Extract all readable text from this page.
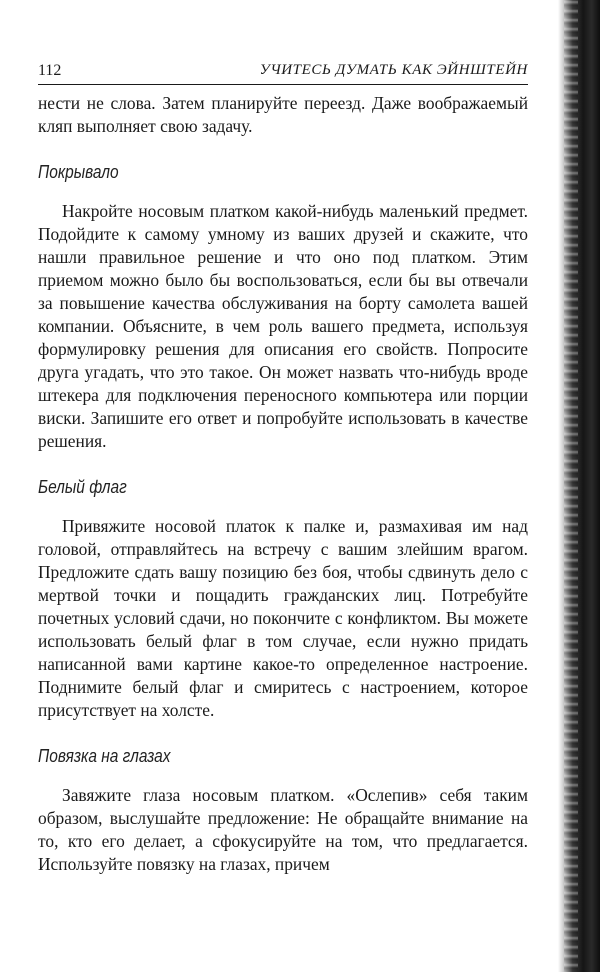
112	УЧИТЕСЬ ДУМАТЬ КАК ЭЙНШТЕЙН

нести не слова. Затем планируйте переезд. Даже воображаемый кляп выполняет свою задачу.

Покрывало

Накройте носовым платком какой-нибудь маленький предмет. Подойдите к самому умному из ваших друзей и скажите, что нашли правильное решение и что оно под платком. Этим приемом можно было бы воспользоваться, если бы вы отвечали за повышение качества обслуживания на борту самолета вашей компании. Объясните, в чем роль вашего предмета, используя формулировку решения для описания его свойств. Попросите друга угадать, что это такое. Он может назвать что-нибудь вроде штекера для подключения переносного компьютера или порции виски. Запишите его ответ и попробуйте использовать в качестве решения.

Белый флаг

Привяжите носовой платок к палке и, размахивая им над головой, отправляйтесь на встречу с вашим злейшим врагом. Предложите сдать вашу позицию без боя, чтобы сдвинуть дело с мертвой точки и пощадить гражданских лиц. Потребуйте почетных условий сдачи, но покончите с конфликтом. Вы можете использовать белый флаг в том случае, если нужно придать написанной вами картине какое-то определенное настроение. Поднимите белый флаг и смиритесь с настроением, которое присутствует на холсте.

Повязка на глазах

Завяжите глаза носовым платком. «Ослепив» себя таким образом, выслушайте предложение: Не обращайте внимание на то, кто его делает, а сфокусируйте на том, что предлагается. Используйте повязку на глазах, причем
